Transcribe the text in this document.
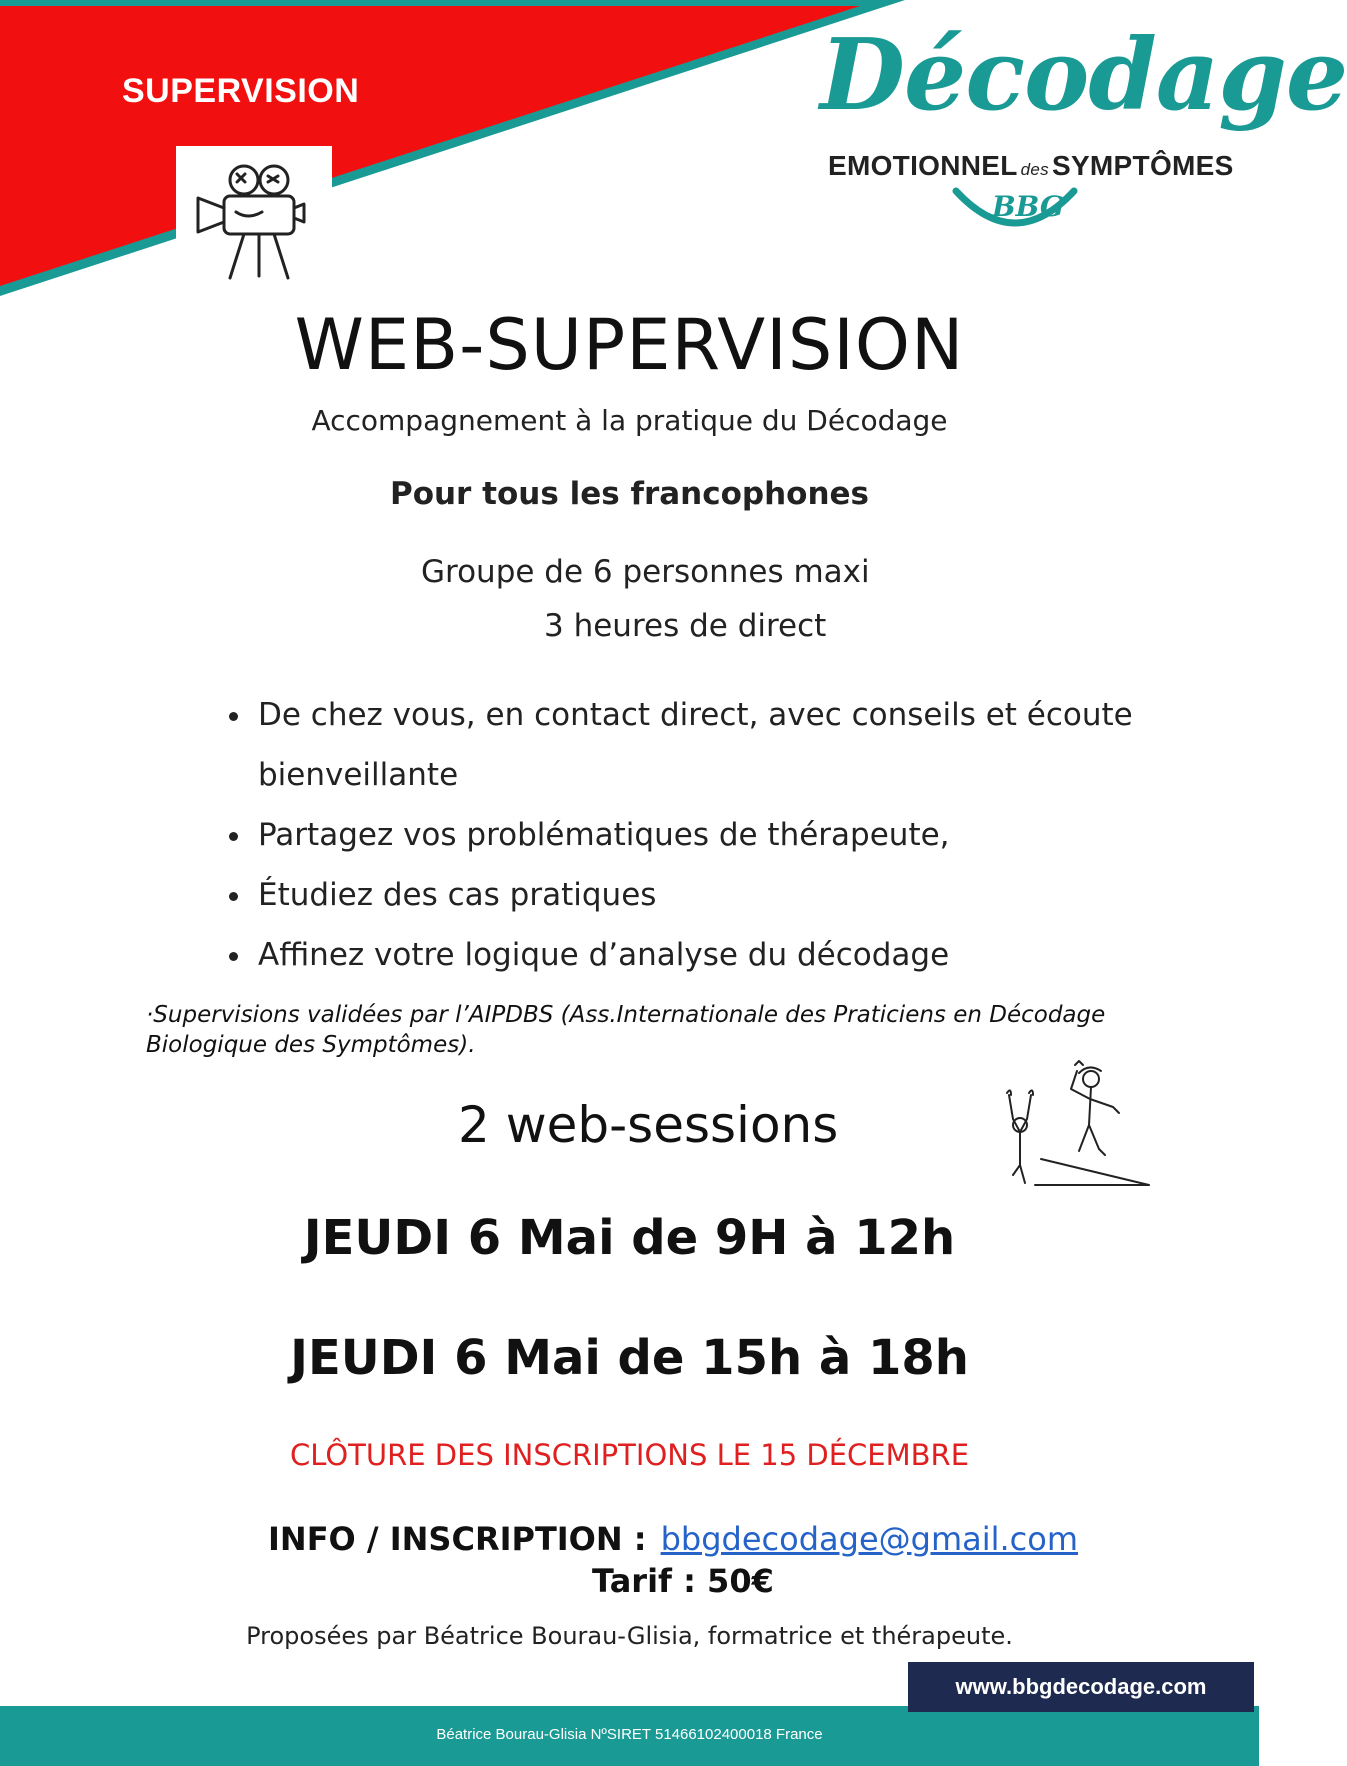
SUPERVISION	Décodage
EMOTIONNEL des SYMPTÔMES
BBG
WEB-SUPERVISION
Accompagnement à la pratique du Décodage
Pour tous les francophones
Groupe de 6 personnes maxi
3 heures de direct
• De chez vous, en contact direct, avec conseils et écoute bienveillante
• Partagez vos problématiques de thérapeute,
• Étudiez des cas pratiques
• Affinez votre logique d’analyse du décodage
·Supervisions validées par l’AIPDBS (Ass.Internationale des Praticiens en Décodage Biologique des Symptômes).
2 web-sessions
JEUDI 6 Mai de 9H à 12h
JEUDI 6 Mai de 15h à 18h
CLÔTURE DES INSCRIPTIONS LE 15 DÉCEMBRE
INFO / INSCRIPTION : bbgdecodage@gmail.com
Tarif : 50€
Proposées par Béatrice Bourau-Glisia, formatrice et thérapeute.
Béatrice Bourau-Glisia NºSIRET 51466102400018 France
www.bbgdecodage.com
